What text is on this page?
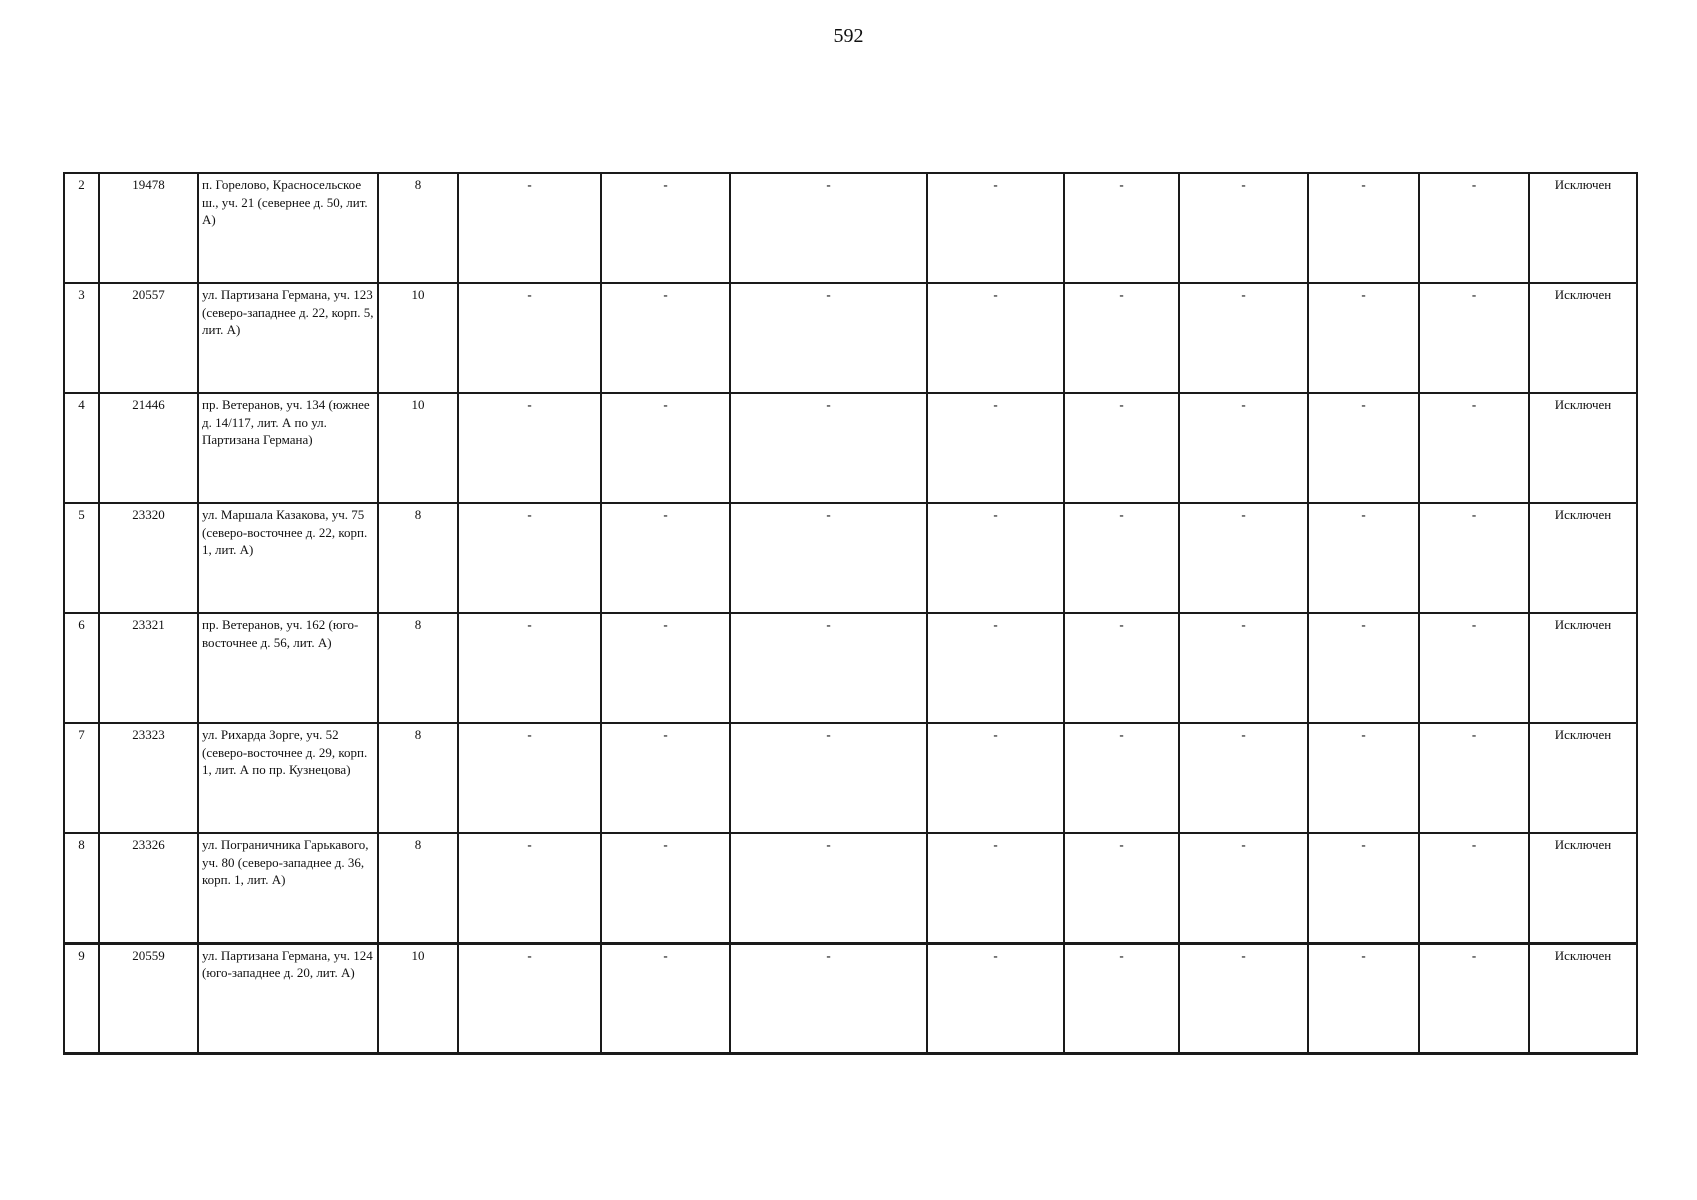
592
2	19478	п. Горелово, Красносельское ш., уч. 21 (севернее д. 50, лит. А)	8	-	-	-	-	-	-	-	-	Исключен
3	20557	ул. Партизана Германа, уч. 123 (северо-западнее д. 22, корп. 5, лит. А)	10	-	-	-	-	-	-	-	-	Исключен
4	21446	пр. Ветеранов, уч. 134 (южнее д. 14/117, лит. А по ул. Партизана Германа)	10	-	-	-	-	-	-	-	-	Исключен
5	23320	ул. Маршала Казакова, уч. 75 (северо-восточнее д. 22, корп. 1, лит. А)	8	-	-	-	-	-	-	-	-	Исключен
6	23321	пр. Ветеранов, уч. 162 (юго-восточнее д. 56, лит. А)	8	-	-	-	-	-	-	-	-	Исключен
7	23323	ул. Рихарда Зорге, уч. 52 (северо-восточнее д. 29, корп. 1, лит. А по пр. Кузнецова)	8	-	-	-	-	-	-	-	-	Исключен
8	23326	ул. Пограничника Гарькавого, уч. 80 (северо-западнее д. 36, корп. 1, лит. А)	8	-	-	-	-	-	-	-	-	Исключен
9	20559	ул. Партизана Германа, уч. 124 (юго-западнее д. 20, лит. А)	10	-	-	-	-	-	-	-	-	Исключен
